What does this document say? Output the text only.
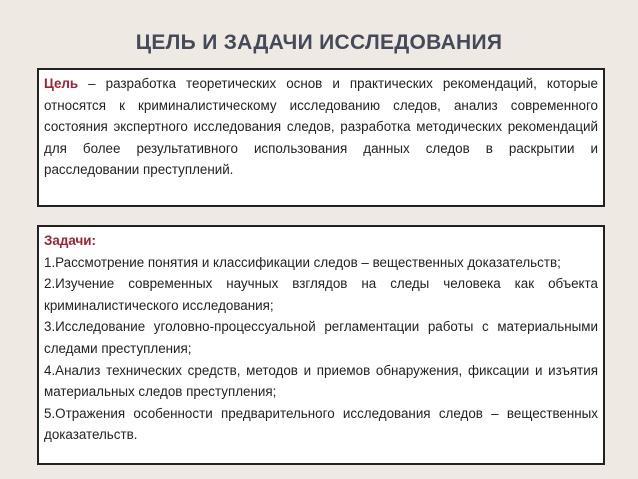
ЦЕЛЬ И ЗАДАЧИ ИССЛЕДОВАНИЯ
Цель – разработка теоретических основ и практических рекомендаций, которые относятся к криминалистическому исследованию следов, анализ современного состояния экспертного исследования следов, разработка методических рекомендаций для более результативного использования данных следов в раскрытии и расследовании преступлений.
Задачи:
1.Рассмотрение понятия и классификации следов – вещественных доказательств;
2.Изучение современных научных взглядов на следы человека как объекта криминалистического исследования;
3.Исследование уголовно-процессуальной регламентации работы с материальными следами преступления;
4.Анализ технических средств, методов и приемов обнаружения, фиксации и изъятия материальных следов преступления;
5.Отражения особенности предварительного исследования следов – вещественных доказательств.
